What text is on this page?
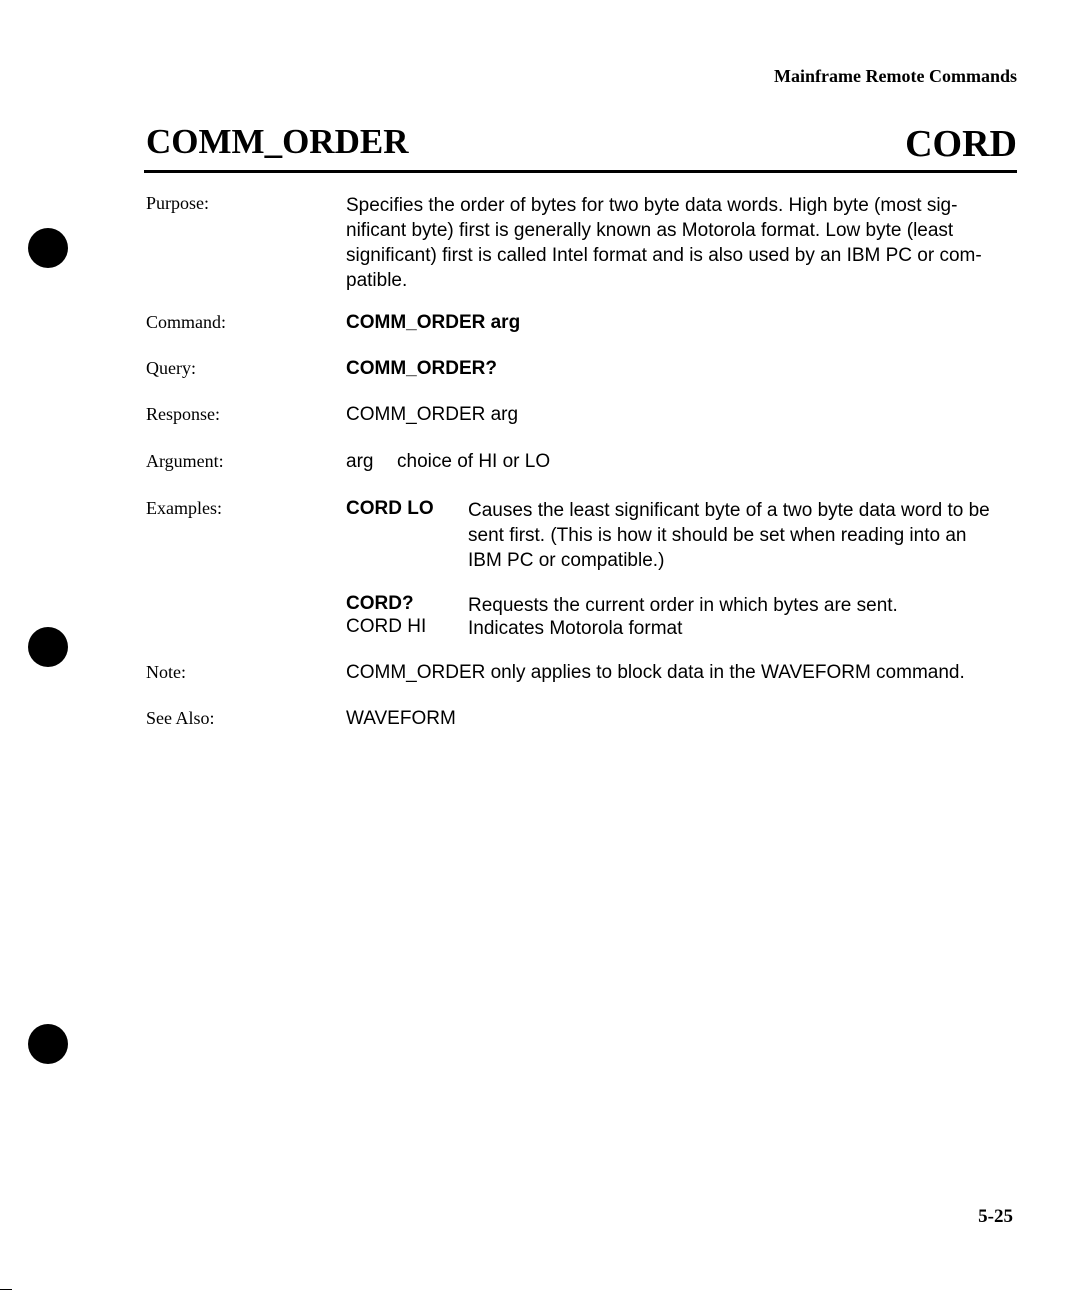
Mainframe Remote Commands
COMM_ORDER	CORD
Purpose:	Specifies the order of bytes for two byte data words. High byte (most sig-
nificant byte) first is generally known as Motorola format. Low byte (least
significant) first is called Intel format and is also used by an IBM PC or com-
patible.
Command:	COMM_ORDER arg
Query:	COMM_ORDER?
Response:	COMM_ORDER arg
Argument:	arg choice of HI or LO
Examples:	CORD LO Causes the least significant byte of a two byte data word to be
sent first. (This is how it should be set when reading into an
IBM PC or compatible.)
CORD?	Requests the current order in which bytes are sent.
CORD HI Indicates Motorola format
Note:	COMM_ORDER only applies to block data in the WAVEFORM command.
See Also:	WAVEFORM
5-25
